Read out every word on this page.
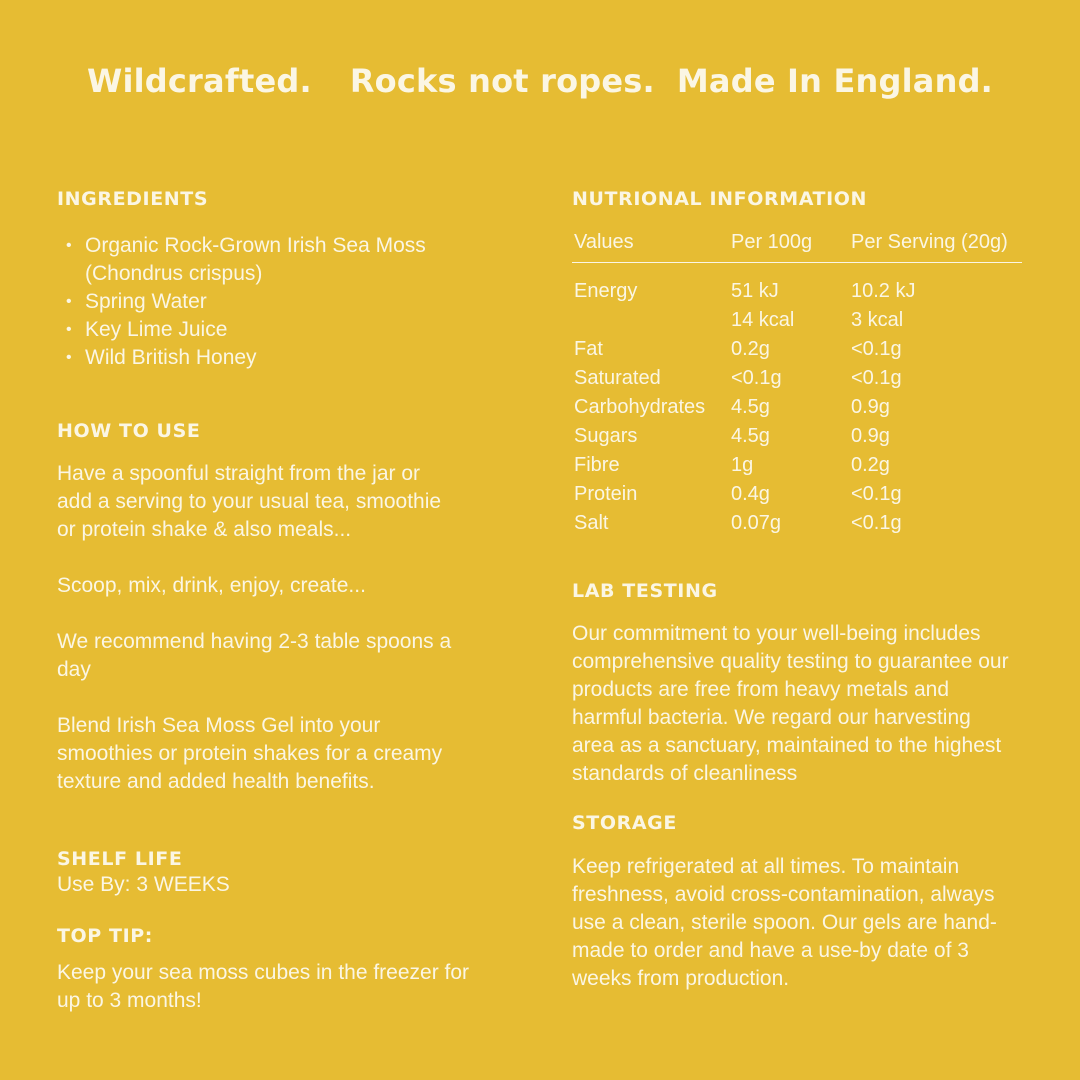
Wildcrafted. Rocks not ropes. Made In England.
INGREDIENTS
• Organic Rock-Grown Irish Sea Moss (Chondrus crispus)
• Spring Water
• Key Lime Juice
• Wild British Honey
HOW TO USE

Have a spoonful straight from the jar or add a serving to your usual tea, smoothie or protein shake & also meals...

Scoop, mix, drink, enjoy, create...

We recommend having 2-3 table spoons a day

Blend Irish Sea Moss Gel into your smoothies or protein shakes for a creamy texture and added health benefits.

SHELF LIFE

Use By: 3 WEEKS

TOP TIP:

Keep your sea moss cubes in the freezer for up to 3 months!

NUTRIONAL INFORMATION
Values	Per 100g	Per Serving (20g)
Energy	51 kJ	10.2 kJ
	14 kcal	3 kcal
Fat	0.2g	<0.1g
Saturated	<0.1g	<0.1g
Carbohydrates	4.5g	0.9g
Sugars	4.5g	0.9g
Fibre	1g	0.2g
Protein	0.4g	<0.1g
Salt	0.07g	<0.1g
LAB TESTING

Our commitment to your well-being includes comprehensive quality testing to guarantee our products are free from heavy metals and harmful bacteria. We regard our harvesting area as a sanctuary, maintained to the highest standards of cleanliness

STORAGE

Keep refrigerated at all times. To maintain freshness, avoid cross-contamination, always use a clean, sterile spoon. Our gels are hand-made to order and have a use-by date of 3 weeks from production.
